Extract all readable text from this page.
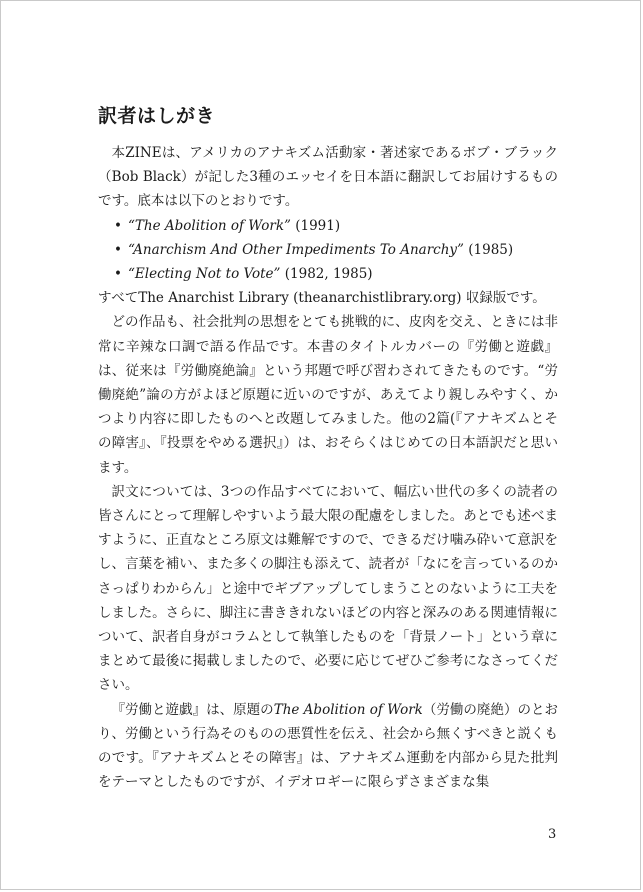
訳者はしがき

本ZINEは、アメリカのアナキズム活動家・著述家であるボブ・ブラック（Bob Black）が記した3種のエッセイを日本語に翻訳してお届けするものです。底本は以下のとおりです。

• “The Abolition of Work” (1991)
• “Anarchism And Other Impediments To Anarchy” (1985)
• “Electing Not to Vote” (1982, 1985)

すべてThe Anarchist Library (theanarchistlibrary.org) 収録版です。

どの作品も、社会批判の思想をとても挑戦的に、皮肉を交え、ときには非常に辛辣な口調で語る作品です。本書のタイトルカバーの『労働と遊戯』は、従来は『労働廃絶論』という邦題で呼び習わされてきたものです。“労働廃絶”論の方がよほど原題に近いのですが、あえてより親しみやすく、かつより内容に即したものへと改題してみました。他の2篇(『アナキズムとその障害』、『投票をやめる選択』）は、おそらくはじめての日本語訳だと思います。

訳文については、3つの作品すべてにおいて、幅広い世代の多くの読者の皆さんにとって理解しやすいよう最大限の配慮をしました。あとでも述べますように、正直なところ原文は難解ですので、できるだけ噛み砕いて意訳をし、言葉を補い、また多くの脚注も添えて、読者が「なにを言っているのかさっぱりわからん」と途中でギブアップしてしまうことのないように工夫をしました。さらに、脚注に書ききれないほどの内容と深みのある関連情報について、訳者自身がコラムとして執筆したものを「背景ノート」という章にまとめて最後に掲載しましたので、必要に応じてぜひご参考になさってください。

『労働と遊戯』は、原題のThe Abolition of Work（労働の廃絶）のとおり、労働という行為そのものの悪質性を伝え、社会から無くすべきと説くものです。『アナキズムとその障害』は、アナキズム運動を内部から見た批判をテーマとしたものですが、イデオロギーに限らずさまざまな集

3
